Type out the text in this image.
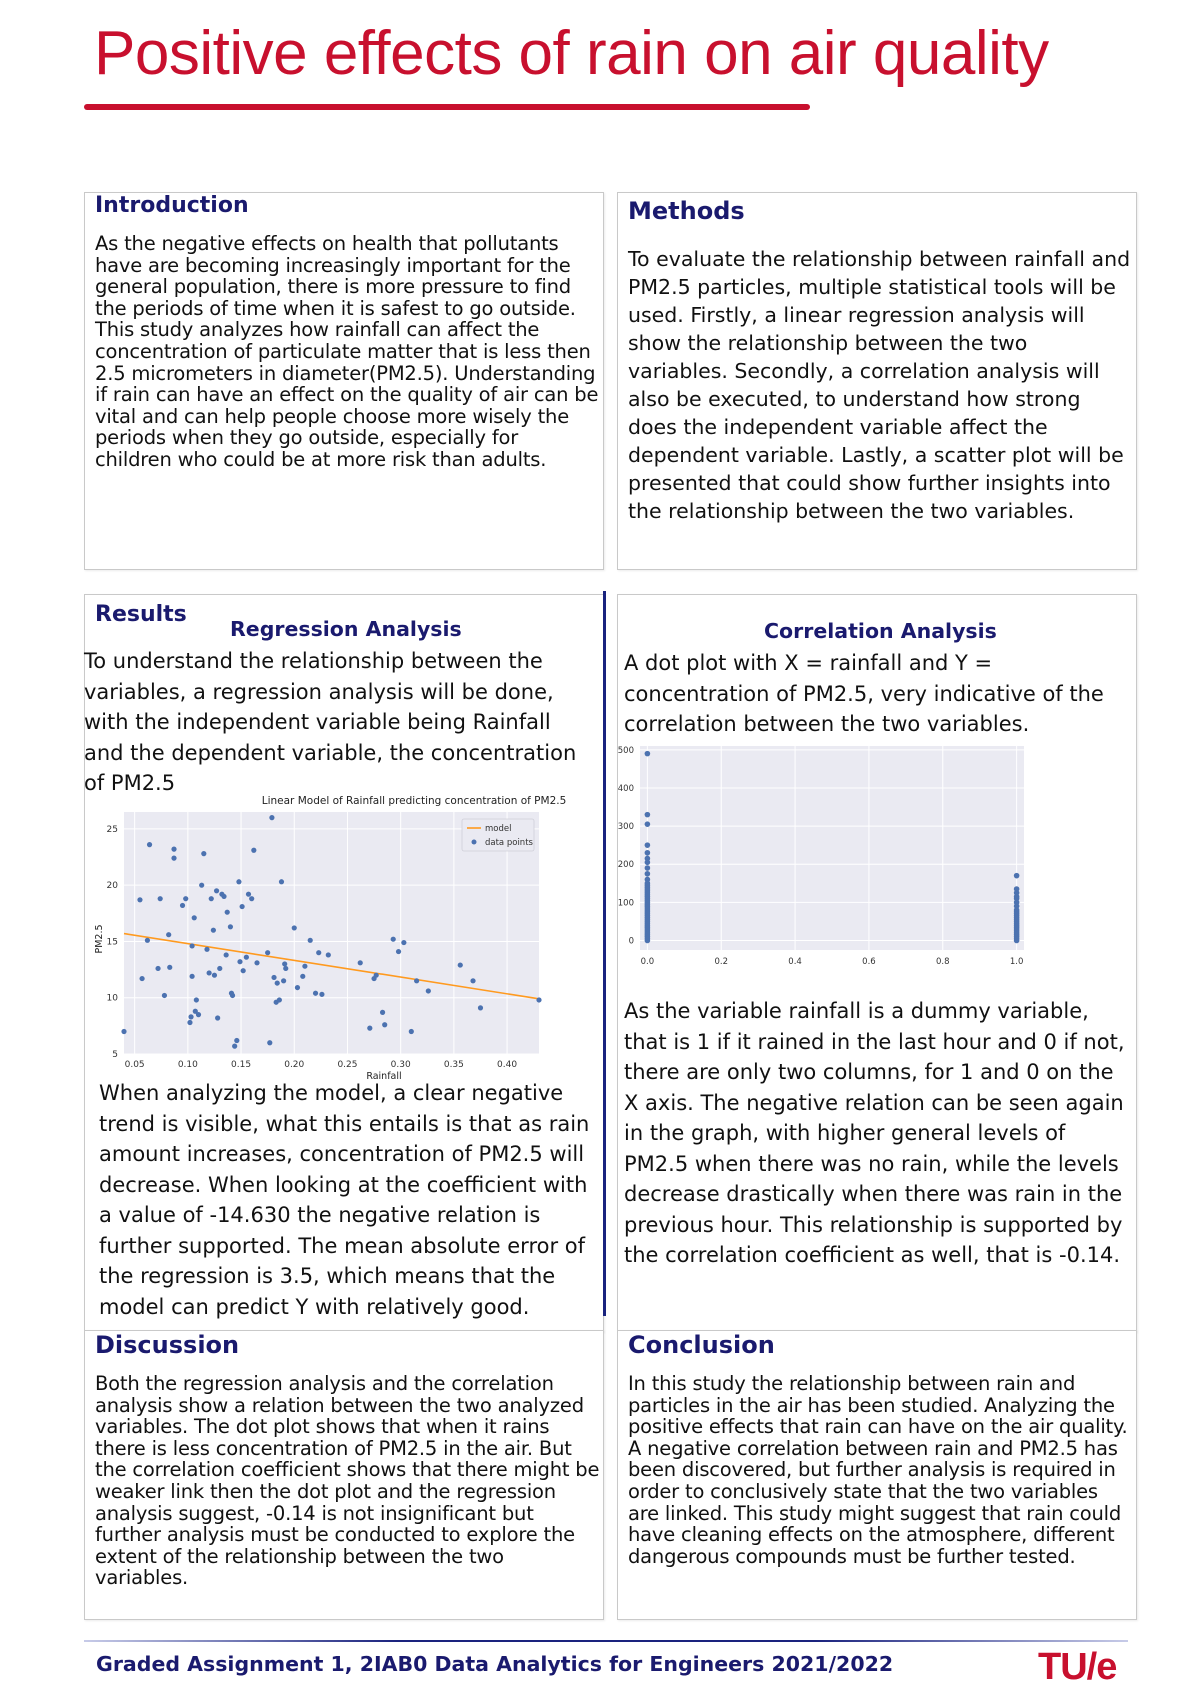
Positive effects of rain on air quality
Introduction

As the negative effects on health that pollutants have are becoming increasingly important for the general population, there is more pressure to find the periods of time when it is safest to go outside. This study analyzes how rainfall can affect the concentration of particulate matter that is less then 2.5 micrometers in diameter(PM2.5). Understanding if rain can have an effect on the quality of air can be vital and can help people choose more wisely the periods when they go outside, especially for children who could be at more risk than adults.

Methods

To evaluate the relationship between rainfall and PM2.5 particles, multiple statistical tools will be used. Firstly, a linear regression analysis will show the relationship between the two variables. Secondly, a correlation analysis will also be executed, to understand how strong does the independent variable affect the dependent variable. Lastly, a scatter plot will be presented that could show further insights into the relationship between the two variables.

Results
Regression Analysis

To understand the relationship between the variables, a regression analysis will be done, with the independent variable being Rainfall and the dependent variable, the concentration of PM2.5

Linear Model of Rainfall predicting concentration of PM2.5
PM2.5
Rainfall
0.05	0.10	0.15	0.20	0.25	0.30	0.35	0.40
5
10
15
20
25	model
data points

When analyzing the model, a clear negative trend is visible, what this entails is that as rain amount increases, concentration of PM2.5 will decrease. When looking at the coefficient with a value of -14.630 the negative relation is further supported. The mean absolute error of the regression is 3.5, which means that the model can predict Y with relatively good.

Correlation Analysis

A dot plot with X = rainfall and Y = concentration of PM2.5, very indicative of the correlation between the two variables.

0.0	0.2	0.4	0.6	0.8	1.0
0
100
200
300
400
500

As the variable rainfall is a dummy variable, that is 1 if it rained in the last hour and 0 if not, there are only two columns, for 1 and 0 on the X axis. The negative relation can be seen again in the graph, with higher general levels of PM2.5 when there was no rain, while the levels decrease drastically when there was rain in the previous hour. This relationship is supported by the correlation coefficient as well, that is -0.14.

Discussion

Both the regression analysis and the correlation analysis show a relation between the two analyzed variables. The dot plot shows that when it rains there is less concentration of PM2.5 in the air. But the correlation coefficient shows that there might be weaker link then the dot plot and the regression analysis suggest, -0.14 is not insignificant but further analysis must be conducted to explore the extent of the relationship between the two variables.

Conclusion

In this study the relationship between rain and particles in the air has been studied. Analyzing the positive effects that rain can have on the air quality. A negative correlation between rain and PM2.5 has been discovered, but further analysis is required in order to conclusively state that the two variables are linked. This study might suggest that rain could have cleaning effects on the atmosphere, different dangerous compounds must be further tested.

Graded Assignment 1, 2IAB0 Data Analytics for Engineers 2021/2022	TU/e
